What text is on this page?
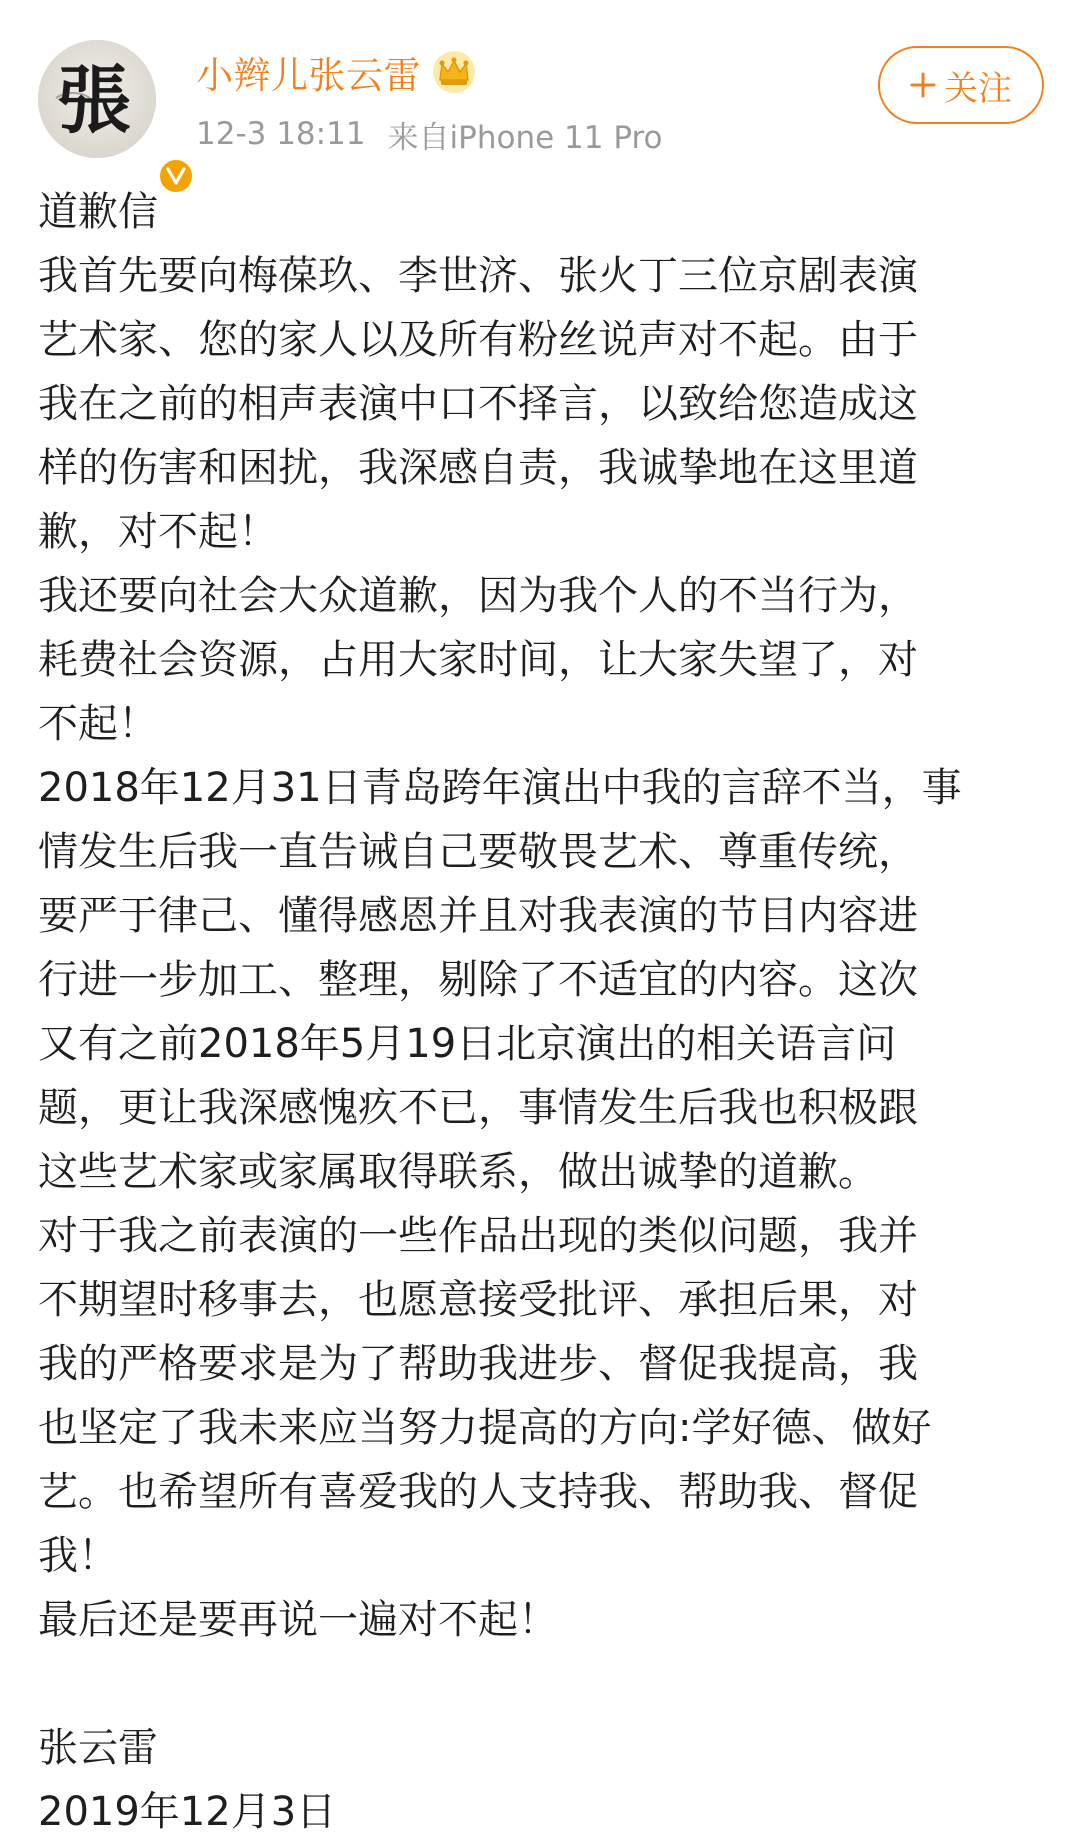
張 小辫儿张云雷
12-3 18:11 来自iPhone 11 Pro
关注
道歉信
我首先要向梅葆玖、李世济、张火丁三位京剧表演
艺术家、您的家人以及所有粉丝说声对不起。由于
我在之前的相声表演中口不择言，以致给您造成这
样的伤害和困扰，我深感自责，我诚挚地在这里道
歉，对不起！
我还要向社会大众道歉，因为我个人的不当行为，
耗费社会资源，占用大家时间，让大家失望了，对
不起！
2018年12月31日青岛跨年演出中我的言辞不当，事
情发生后我一直告诫自己要敬畏艺术、尊重传统，
要严于律己、懂得感恩并且对我表演的节目内容进
行进一步加工、整理，剔除了不适宜的内容。这次
又有之前2018年5月19日北京演出的相关语言问
题，更让我深感愧疚不已，事情发生后我也积极跟
这些艺术家或家属取得联系，做出诚挚的道歉。
对于我之前表演的一些作品出现的类似问题，我并
不期望时移事去，也愿意接受批评、承担后果，对
我的严格要求是为了帮助我进步、督促我提高，我
也坚定了我未来应当努力提高的方向:学好德、做好
艺。也希望所有喜爱我的人支持我、帮助我、督促
我！
最后还是要再说一遍对不起！
张云雷
2019年12月3日
